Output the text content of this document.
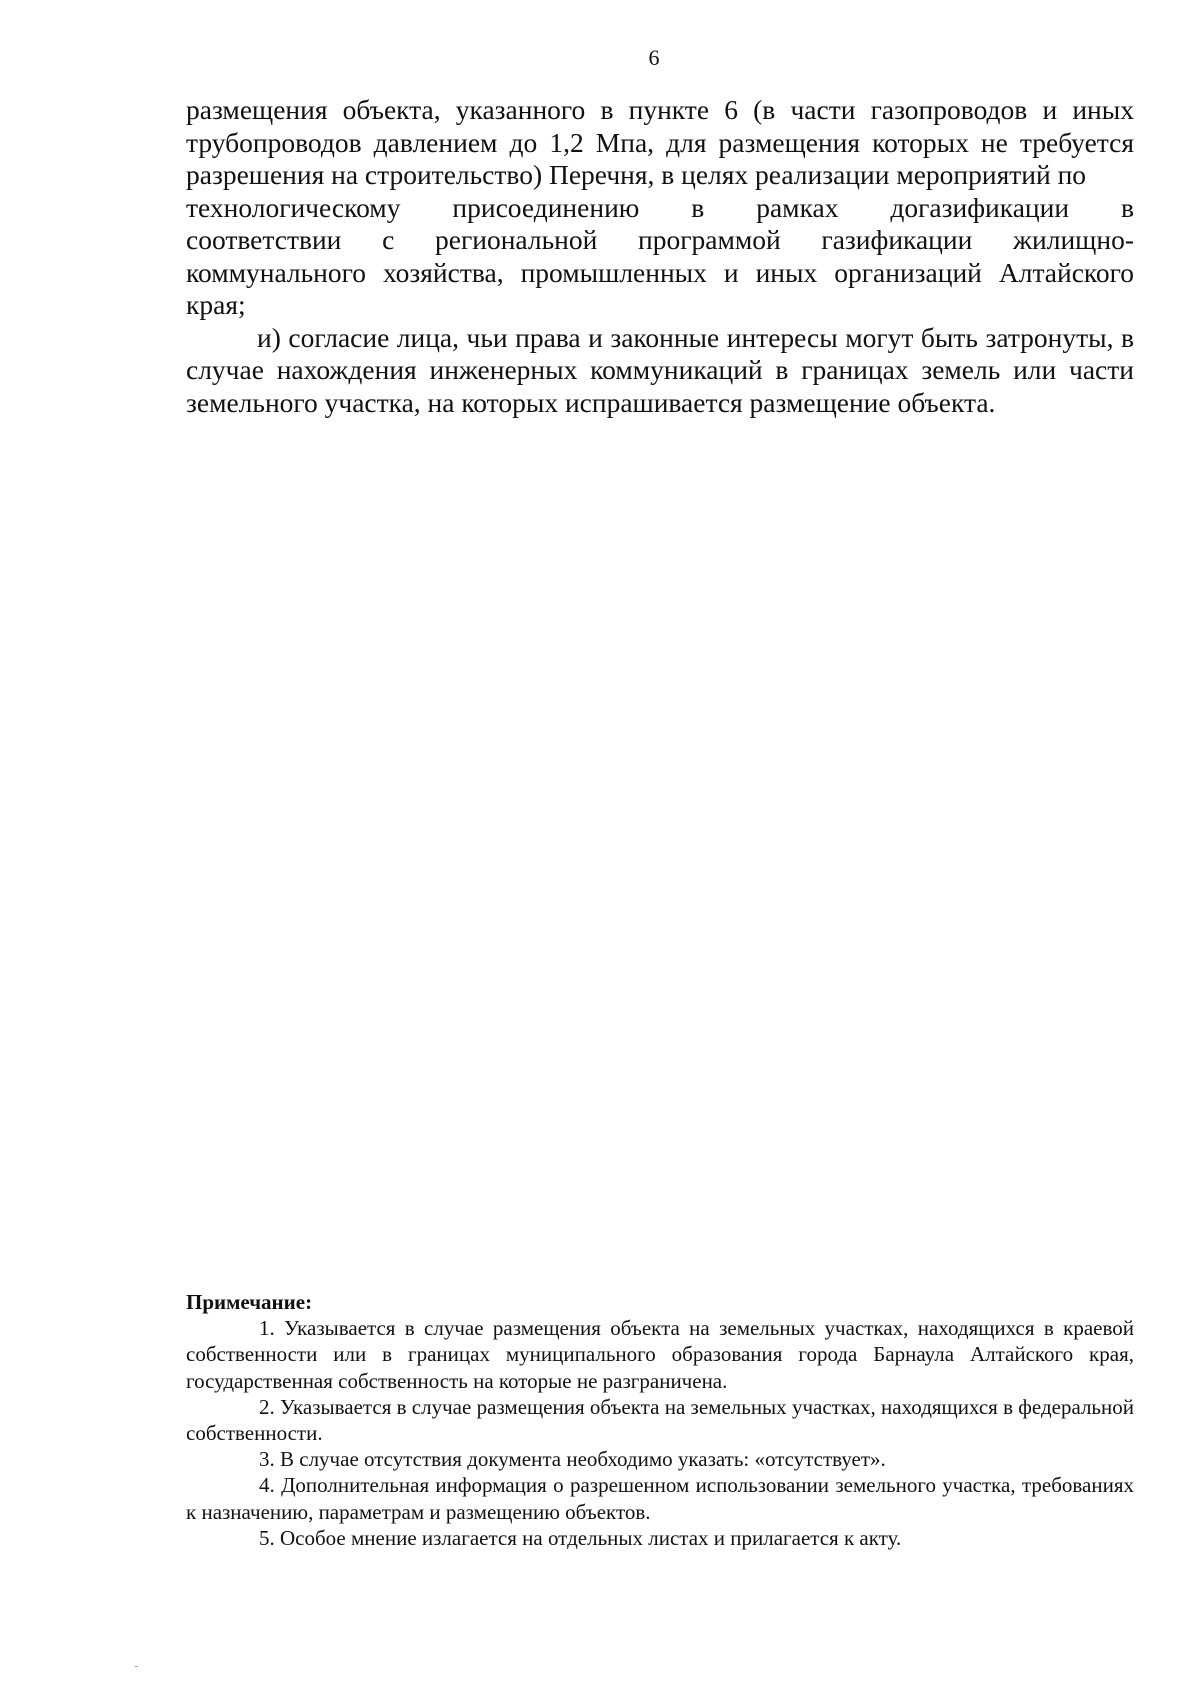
6

размещения объекта, указанного в пункте 6 (в части газопроводов и иных трубопроводов давлением до 1,2 Мпа, для размещения которых не требуется разрешения на строительство) Перечня, в целях реализации мероприятий по
технологическому присоединению в рамках догазификации в
соответствии с региональной программой газификации жилищно-
коммунального хозяйства, промышленных и иных организаций Алтайского края;

и) согласие лица, чьи права и законные интересы могут быть затронуты, в случае нахождения инженерных коммуникаций в границах земель или части земельного участка, на которых испрашивается размещение объекта.

Примечание:

1. Указывается в случае размещения объекта на земельных участках, находящихся в краевой собственности или в границах муниципального образования города Барнаула Алтайского края, государственная собственность на которые не разграничена.

2. Указывается в случае размещения объекта на земельных участках, находящихся в федеральной собственности.

3. В случае отсутствия документа необходимо указать: «отсутствует».

4. Дополнительная информация о разрешенном использовании земельного участка, требованиях к назначению, параметрам и размещению объектов.

5. Особое мнение излагается на отдельных листах и прилагается к акту.
